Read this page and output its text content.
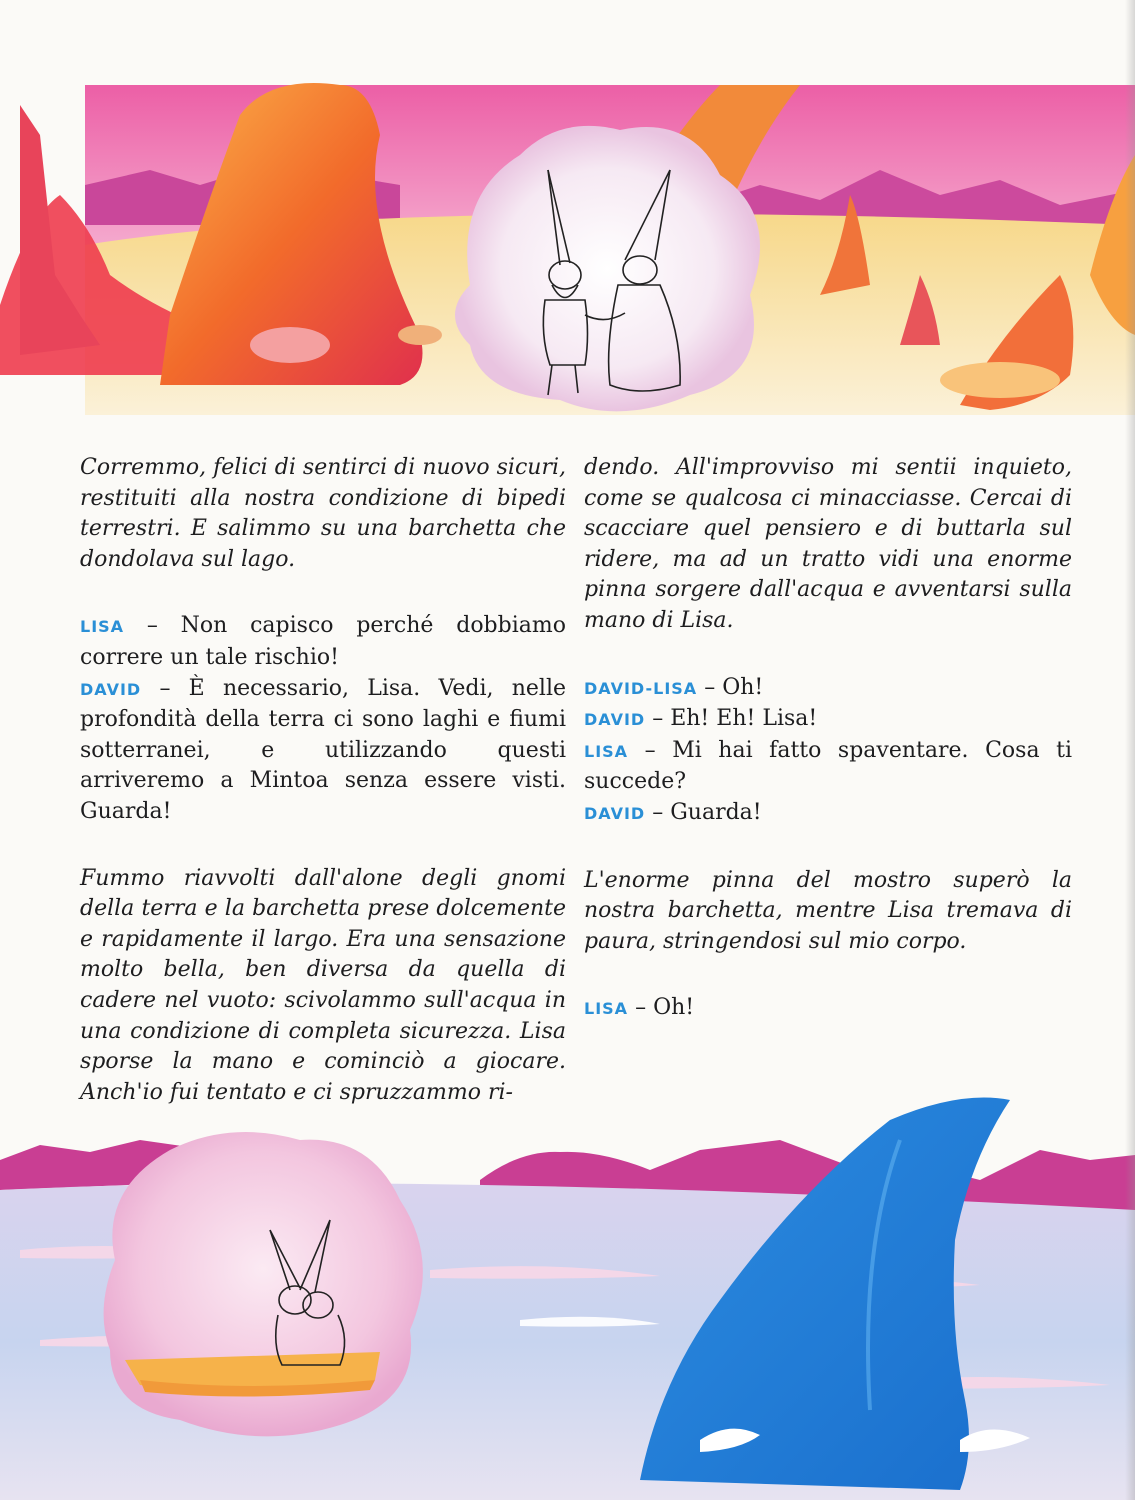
Corremmo, felici di sentirci di nuovo sicuri, restituiti alla nostra condizione di bipedi terrestri. E salimmo su una barchetta che dondolava sul lago.

LISA – Non capisco perché dobbiamo correre un tale rischio!

DAVID – È necessario, Lisa. Vedi, nelle profondità della terra ci sono laghi e fiumi sotterranei, e utilizzando questi arriveremo a Mintoa senza essere visti. Guarda!

Fummo riavvolti dall'alone degli gnomi della terra e la barchetta prese dolcemente e rapidamente il largo. Era una sensazione molto bella, ben diversa da quella di cadere nel vuoto: scivolammo sull'acqua in una condizione di completa sicurezza. Lisa sporse la mano e cominciò a giocare. Anch'io fui tentato e ci spruzzammo ri-

dendo. All'improvviso mi sentii inquieto, come se qualcosa ci minacciasse. Cercai di scacciare quel pensiero e di buttarla sul ridere, ma ad un tratto vidi una enorme pinna sorgere dall'acqua e avventarsi sulla mano di Lisa.

DAVID-LISA – Oh!

DAVID – Eh! Eh! Lisa!

LISA – Mi hai fatto spaventare. Cosa ti succede?

DAVID – Guarda!

L'enorme pinna del mostro superò la nostra barchetta, mentre Lisa tremava di paura, stringendosi sul mio corpo.

LISA – Oh!
